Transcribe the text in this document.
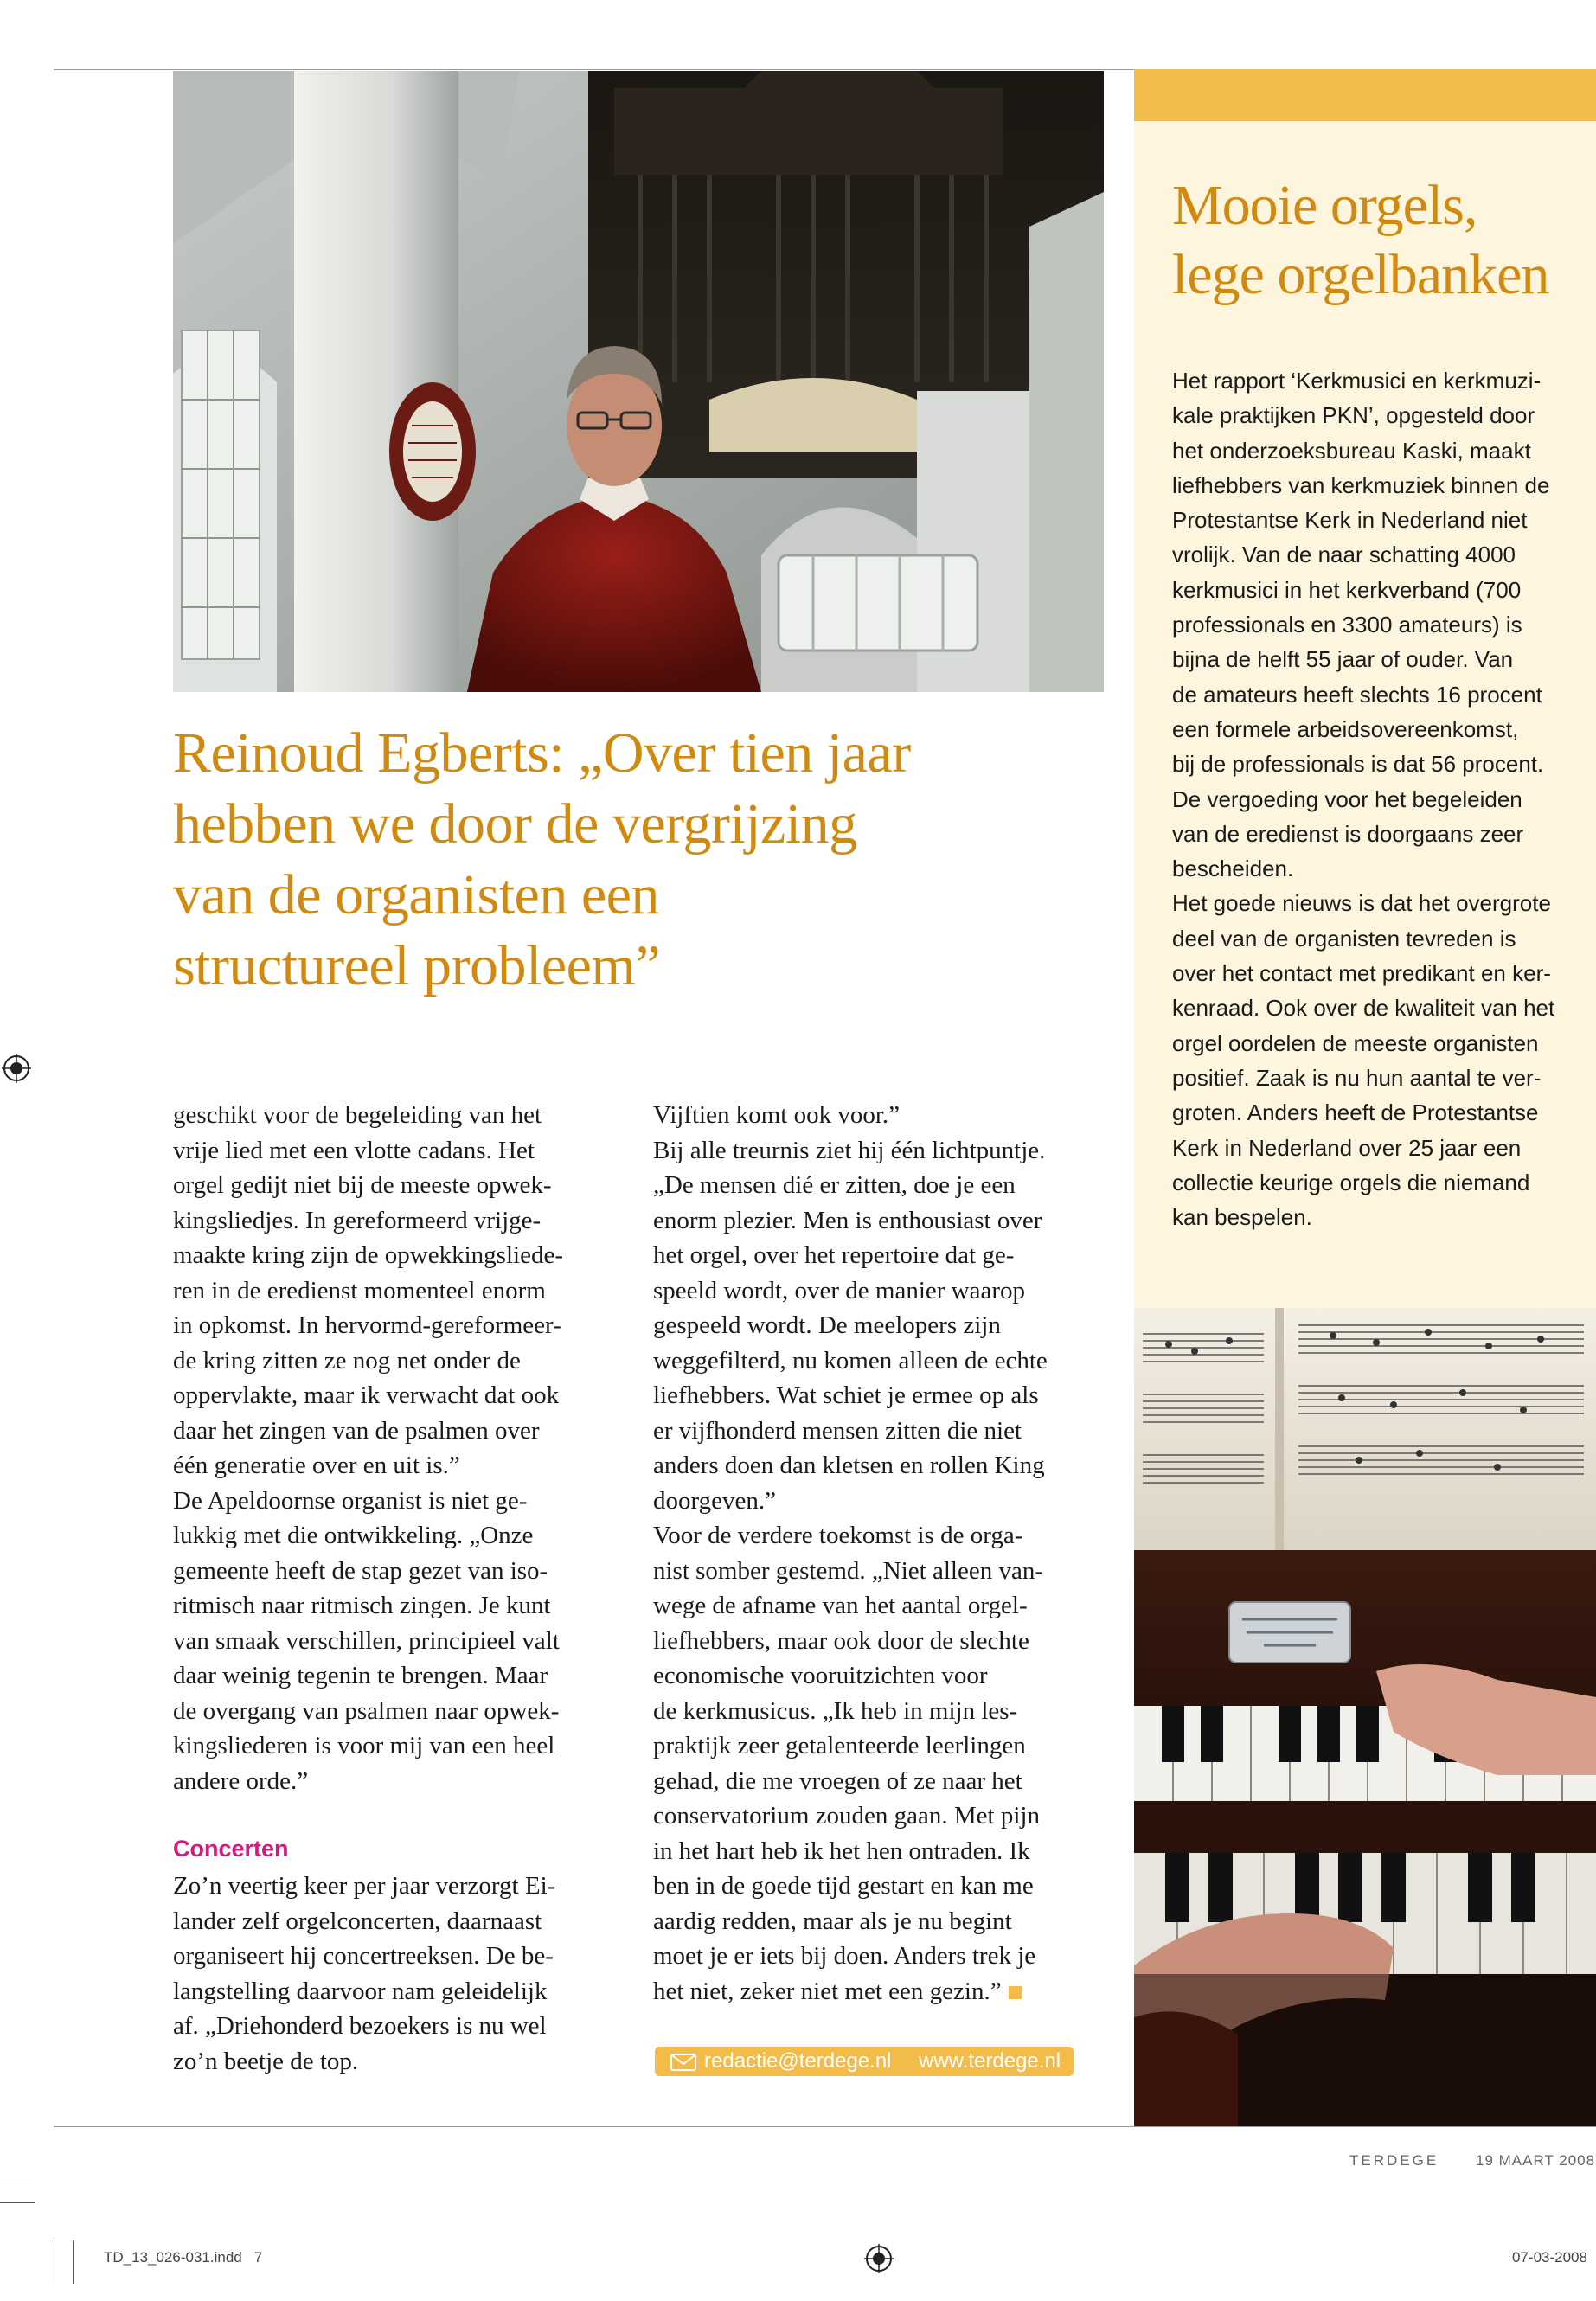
Mooie orgels,
lege orgelbanken
Het rapport ‘Kerkmusici en kerkmuzi-
kale praktijken PKN’, opgesteld door
het onderzoeksbureau Kaski, maakt
liefhebbers van kerkmuziek binnen de
Protestantse Kerk in Nederland niet
vrolijk. Van de naar schatting 4000
kerkmusici in het kerkverband (700
professionals en 3300 amateurs) is
bijna de helft 55 jaar of ouder. Van
de amateurs heeft slechts 16 procent
een formele arbeidsovereenkomst,
bij de professionals is dat 56 procent.
De vergoeding voor het begeleiden
van de eredienst is doorgaans zeer
bescheiden.
Het goede nieuws is dat het overgrote
deel van de organisten tevreden is
over het contact met predikant en ker-
kenraad. Ook over de kwaliteit van het
orgel oordelen de meeste organisten
positief. Zaak is nu hun aantal te ver-
groten. Anders heeft de Protestantse
Kerk in Nederland over 25 jaar een
collectie keurige orgels die niemand
kan bespelen.
Reinoud Egberts: „Over tien jaar
hebben we door de vergrijzing
van de organisten een
structureel probleem”
geschikt voor de begeleiding van het
vrije lied met een vlotte cadans. Het
orgel gedijt niet bij de meeste opwek-
kingsliedjes. In gereformeerd vrijge-
maakte kring zijn de opwekkingsliede-
ren in de eredienst momenteel enorm
in opkomst. In hervormd-gereformeer-
de kring zitten ze nog net onder de
oppervlakte, maar ik verwacht dat ook
daar het zingen van de psalmen over
één generatie over en uit is.”
De Apeldoornse organist is niet ge-
lukkig met die ontwikkeling. „Onze
gemeente heeft de stap gezet van iso-
ritmisch naar ritmisch zingen. Je kunt
van smaak verschillen, principieel valt
daar weinig tegenin te brengen. Maar
de overgang van psalmen naar opwek-
kingsliederen is voor mij van een heel
andere orde.”
Concerten
Zo’n veertig keer per jaar verzorgt Ei-
lander zelf orgelconcerten, daarnaast
organiseert hij concertreeksen. De be-
langstelling daarvoor nam geleidelijk
af. „Driehonderd bezoekers is nu wel
zo’n beetje de top.
Vijftien komt ook voor.”
Bij alle treurnis ziet hij één lichtpuntje.
„De mensen dié er zitten, doe je een
enorm plezier. Men is enthousiast over
het orgel, over het repertoire dat ge-
speeld wordt, over de manier waarop
gespeeld wordt. De meelopers zijn
weggefilterd, nu komen alleen de echte
liefhebbers. Wat schiet je ermee op als
er vijfhonderd mensen zitten die niet
anders doen dan kletsen en rollen King
doorgeven.”
Voor de verdere toekomst is de orga-
nist somber gestemd. „Niet alleen van-
wege de afname van het aantal orgel-
liefhebbers, maar ook door de slechte
economische vooruitzichten voor
de kerkmusicus. „Ik heb in mijn les-
praktijk zeer getalenteerde leerlingen
gehad, die me vroegen of ze naar het
conservatorium zouden gaan. Met pijn
in het hart heb ik het hen ontraden. Ik
ben in de goede tijd gestart en kan me
aardig redden, maar als je nu begint
moet je er iets bij doen. Anders trek je
het niet, zeker niet met een gezin.”
redactie@terdege.nl www.terdege.nl
TERDEGE	19 MAART 2008
TD_13_026-031.indd   7	07-03-2008
